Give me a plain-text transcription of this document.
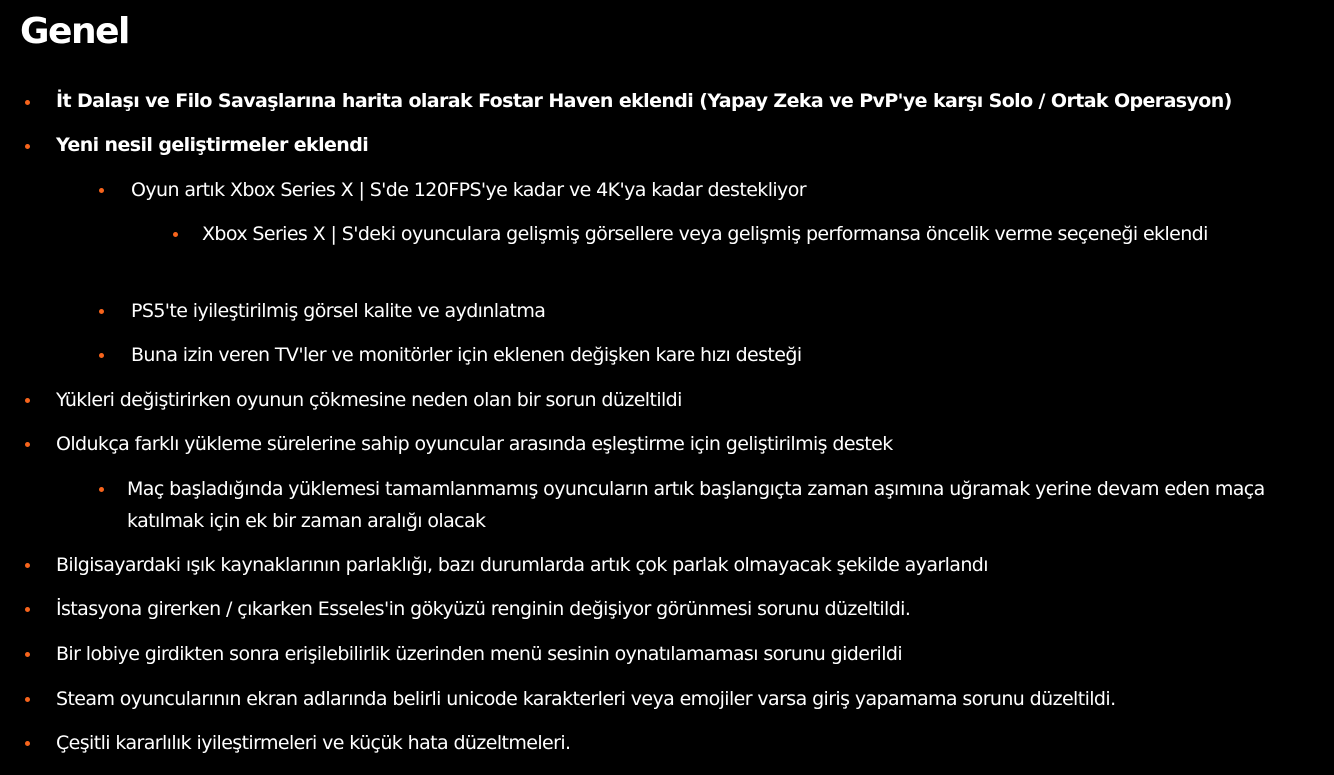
Genel
İt Dalaşı ve Filo Savaşlarına harita olarak Fostar Haven eklendi (Yapay Zeka ve PvP'ye karşı Solo / Ortak Operasyon)
Yeni nesil geliştirmeler eklendi
Oyun artık Xbox Series X | S'de 120FPS'ye kadar ve 4K'ya kadar destekliyor
Xbox Series X | S'deki oyunculara gelişmiş görsellere veya gelişmiş performansa öncelik verme seçeneği eklendi
PS5'te iyileştirilmiş görsel kalite ve aydınlatma
Buna izin veren TV'ler ve monitörler için eklenen değişken kare hızı desteği
Yükleri değiştirirken oyunun çökmesine neden olan bir sorun düzeltildi
Oldukça farklı yükleme sürelerine sahip oyuncular arasında eşleştirme için geliştirilmiş destek
Maç başladığında yüklemesi tamamlanmamış oyuncuların artık başlangıçta zaman aşımına uğramak yerine devam eden maça katılmak için ek bir zaman aralığı olacak
Bilgisayardaki ışık kaynaklarının parlaklığı, bazı durumlarda artık çok parlak olmayacak şekilde ayarlandı
İstasyona girerken / çıkarken Esseles'in gökyüzü renginin değişiyor görünmesi sorunu düzeltildi.
Bir lobiye girdikten sonra erişilebilirlik üzerinden menü sesinin oynatılamaması sorunu giderildi
Steam oyuncularının ekran adlarında belirli unicode karakterleri veya emojiler varsa giriş yapamama sorunu düzeltildi.
Çeşitli kararlılık iyileştirmeleri ve küçük hata düzeltmeleri.
